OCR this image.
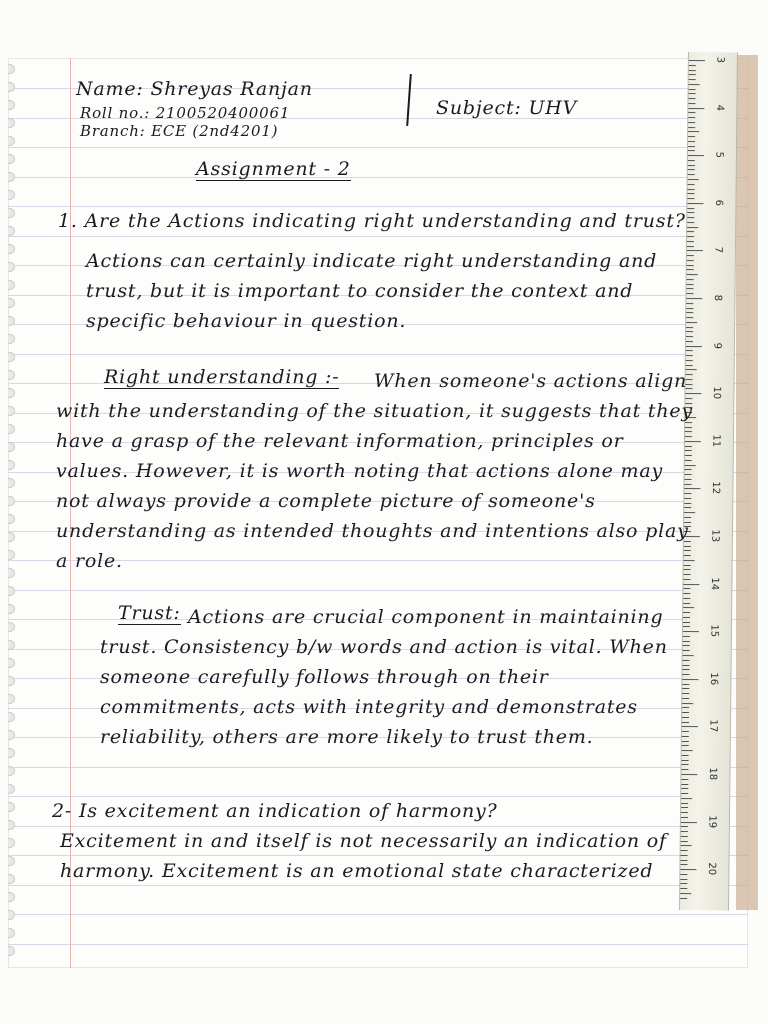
3
4
5
6
7
8
9
10
11
12
13
14
15
16
17
18
19
20
Name: Shreyas Ranjan
Roll no.: 2100520400061
Branch: ECE (2nd4201)
Subject: UHV
Assignment - 2
1. Are the Actions indicating right understanding and trust?
Actions can certainly indicate right understanding and trust, but it is important to consider the context and specific behaviour in question.
Right understanding :-	When someone's actions align with the understanding of the situation, it suggests that they have a grasp of the relevant information, principles or values. However, it is worth noting that actions alone may not always provide a complete picture of someone's understanding as intended thoughts and intentions also play a role.
Trust: Actions are crucial component in maintaining trust. Consistency b/w words and action is vital. When someone carefully follows through on their commitments, acts with integrity and demonstrates reliability, others are more likely to trust them.
2- Is excitement an indication of harmony?
Excitement in and itself is not necessarily an indication of harmony. Excitement is an emotional state characterized
